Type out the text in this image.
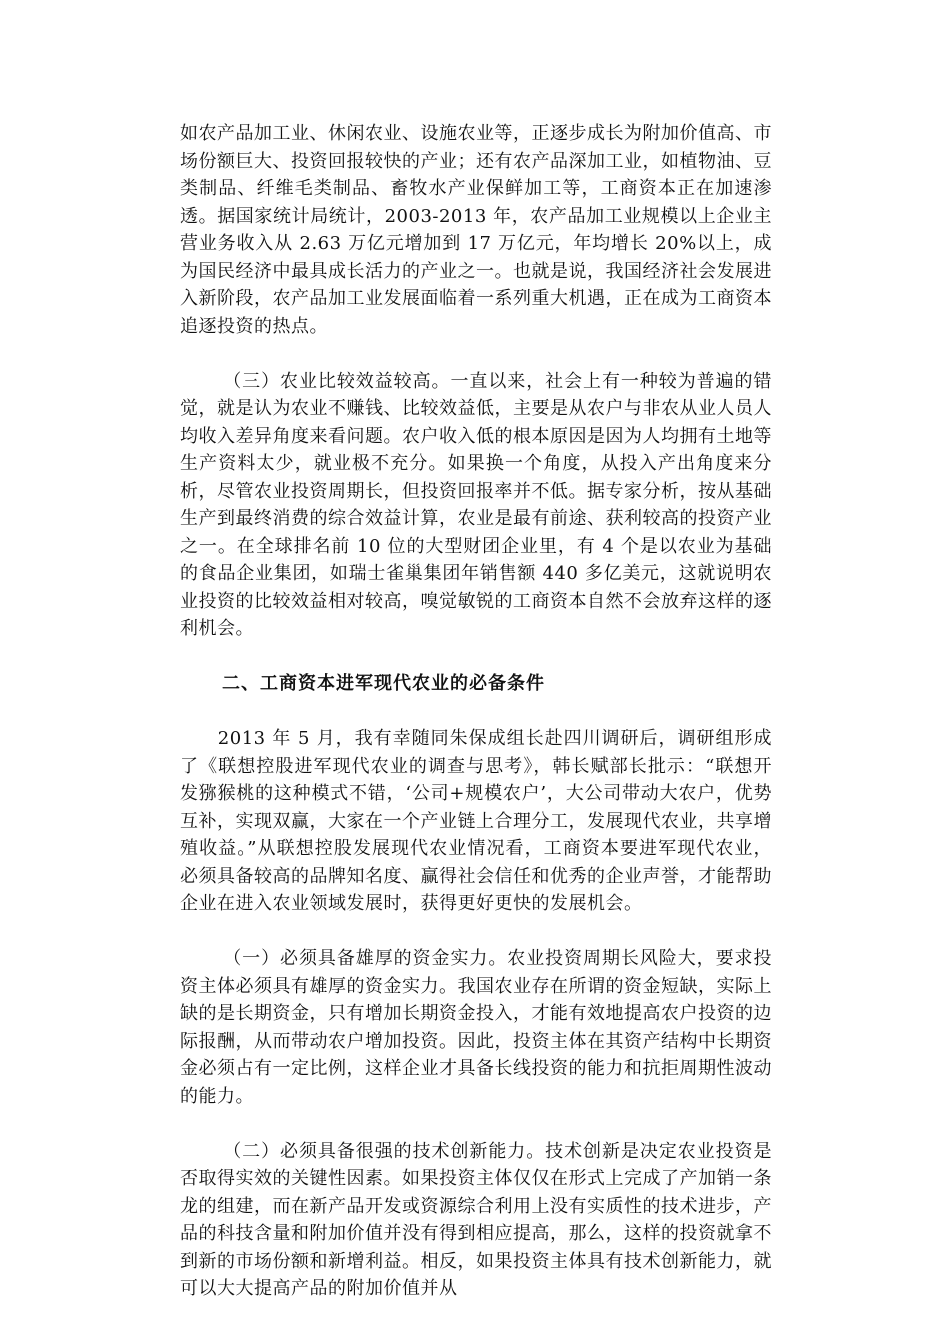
如农产品加工业、休闲农业、设施农业等，正逐步成长为附加价值高、市场份额巨大、投资回报较快的产业；还有农产品深加工业，如植物油、豆类制品、纤维毛类制品、畜牧水产业保鲜加工等，工商资本正在加速渗透。据国家统计局统计，2003-2013 年，农产品加工业规模以上企业主营业务收入从 2.63 万亿元增加到 17 万亿元，年均增长 20%以上，成为国民经济中最具成长活力的产业之一。也就是说，我国经济社会发展进入新阶段，农产品加工业发展面临着一系列重大机遇，正在成为工商资本追逐投资的热点。

（三）农业比较效益较高。一直以来，社会上有一种较为普遍的错觉，就是认为农业不赚钱、比较效益低，主要是从农户与非农从业人员人均收入差异角度来看问题。农户收入低的根本原因是因为人均拥有土地等生产资料太少，就业极不充分。如果换一个角度，从投入产出角度来分析，尽管农业投资周期长，但投资回报率并不低。据专家分析，按从基础生产到最终消费的综合效益计算，农业是最有前途、获利较高的投资产业之一。在全球排名前 10 位的大型财团企业里，有 4 个是以农业为基础的食品企业集团，如瑞士雀巢集团年销售额 440 多亿美元，这就说明农业投资的比较效益相对较高，嗅觉敏锐的工商资本自然不会放弃这样的逐利机会。

二、工商资本进军现代农业的必备条件

2013 年 5 月，我有幸随同朱保成组长赴四川调研后，调研组形成了《联想控股进军现代农业的调查与思考》，韩长赋部长批示：“联想开发猕猴桃的这种模式不错，‘公司+规模农户’，大公司带动大农户，优势互补，实现双赢，大家在一个产业链上合理分工，发展现代农业，共享增殖收益。”从联想控股发展现代农业情况看，工商资本要进军现代农业，必须具备较高的品牌知名度、赢得社会信任和优秀的企业声誉，才能帮助企业在进入农业领域发展时，获得更好更快的发展机会。

（一）必须具备雄厚的资金实力。农业投资周期长风险大，要求投资主体必须具有雄厚的资金实力。我国农业存在所谓的资金短缺，实际上缺的是长期资金，只有增加长期资金投入，才能有效地提高农户投资的边际报酬，从而带动农户增加投资。因此，投资主体在其资产结构中长期资金必须占有一定比例，这样企业才具备长线投资的能力和抗拒周期性波动的能力。

（二）必须具备很强的技术创新能力。技术创新是决定农业投资是否取得实效的关键性因素。如果投资主体仅仅在形式上完成了产加销一条龙的组建，而在新产品开发或资源综合利用上没有实质性的技术进步，产品的科技含量和附加价值并没有得到相应提高，那么，这样的投资就拿不到新的市场份额和新增利益。相反，如果投资主体具有技术创新能力，就可以大大提高产品的附加价值并从
